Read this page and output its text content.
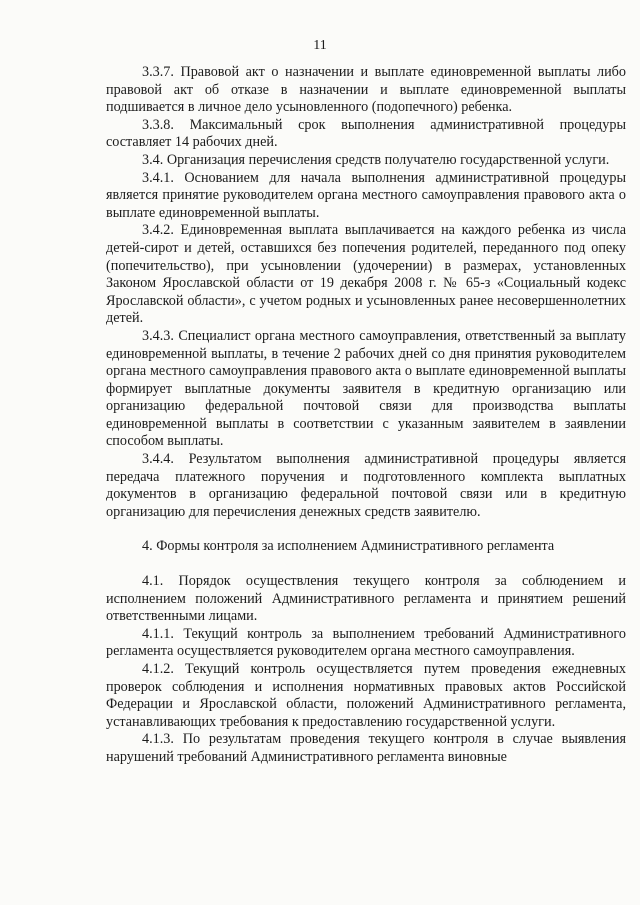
11

3.3.7. Правовой акт о назначении и выплате единовременной выплаты либо правовой акт об отказе в назначении и выплате единовременной выплаты подшивается в личное дело усыновленного (подопечного) ребенка.

3.3.8. Максимальный срок выполнения административной процедуры составляет 14 рабочих дней.

3.4. Организация перечисления средств получателю государственной услуги.

3.4.1. Основанием для начала выполнения административной процедуры является принятие руководителем органа местного самоуправления правового акта о выплате единовременной выплаты.

3.4.2. Единовременная выплата выплачивается на каждого ребенка из числа детей-сирот и детей, оставшихся без попечения родителей, переданного под опеку (попечительство), при усыновлении (удочерении) в размерах, установленных Законом Ярославской области от 19 декабря 2008 г. № 65-з «Социальный кодекс Ярославской области», с учетом родных и усыновленных ранее несовершеннолетних детей.

3.4.3. Специалист органа местного самоуправления, ответственный за выплату единовременной выплаты, в течение 2 рабочих дней со дня принятия руководителем органа местного самоуправления правового акта о выплате единовременной выплаты формирует выплатные документы заявителя в кредитную организацию или организацию федеральной почтовой связи для производства выплаты единовременной выплаты в соответствии с указанным заявителем в заявлении способом выплаты.

3.4.4. Результатом выполнения административной процедуры является передача платежного поручения и подготовленного комплекта выплатных документов в организацию федеральной почтовой связи или в кредитную организацию для перечисления денежных средств заявителю.

4. Формы контроля за исполнением Административного регламента

4.1. Порядок осуществления текущего контроля за соблюдением и исполнением положений Административного регламента и принятием решений ответственными лицами.

4.1.1. Текущий контроль за выполнением требований Административного регламента осуществляется руководителем органа местного самоуправления.

4.1.2. Текущий контроль осуществляется путем проведения ежедневных проверок соблюдения и исполнения нормативных правовых актов Российской Федерации и Ярославской области, положений Административного регламента, устанавливающих требования к предоставлению государственной услуги.

4.1.3. По результатам проведения текущего контроля в случае выявления нарушений требований Административного регламента виновные
